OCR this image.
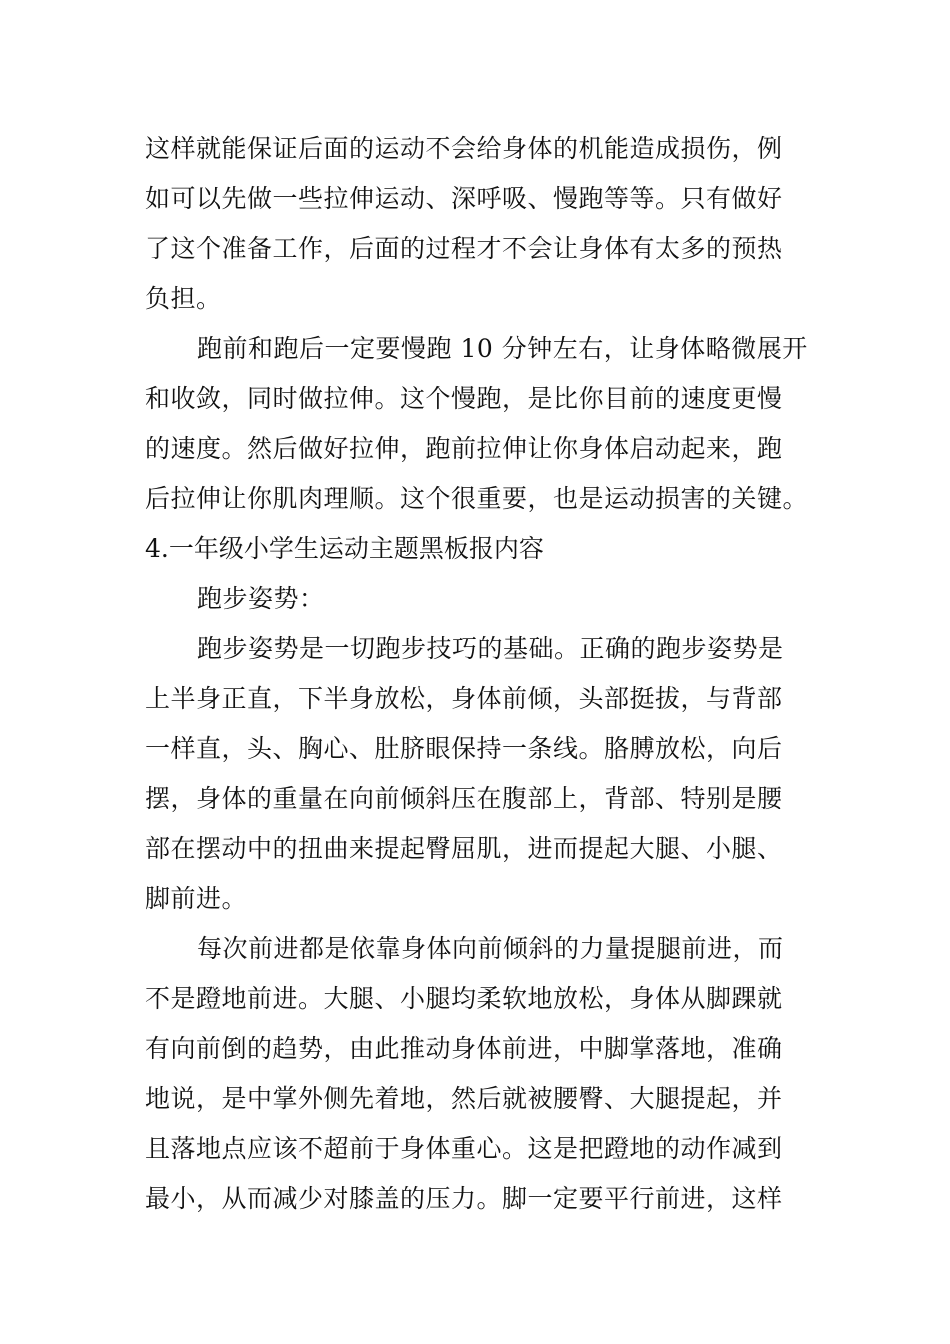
这样就能保证后面的运动不会给身体的机能造成损伤，例
如可以先做一些拉伸运动、深呼吸、慢跑等等。只有做好
了这个准备工作，后面的过程才不会让身体有太多的预热
负担。
跑前和跑后一定要慢跑 10 分钟左右，让身体略微展开
和收敛，同时做拉伸。这个慢跑，是比你目前的速度更慢
的速度。然后做好拉伸，跑前拉伸让你身体启动起来，跑
后拉伸让你肌肉理顺。这个很重要，也是运动损害的关键。
4.一年级小学生运动主题黑板报内容
跑步姿势：
跑步姿势是一切跑步技巧的基础。正确的跑步姿势是
上半身正直，下半身放松，身体前倾，头部挺拔，与背部
一样直，头、胸心、肚脐眼保持一条线。胳膊放松，向后
摆，身体的重量在向前倾斜压在腹部上，背部、特别是腰
部在摆动中的扭曲来提起臀屈肌，进而提起大腿、小腿、
脚前进。
每次前进都是依靠身体向前倾斜的力量提腿前进，而
不是蹬地前进。大腿、小腿均柔软地放松，身体从脚踝就
有向前倒的趋势，由此推动身体前进，中脚掌落地，准确
地说，是中掌外侧先着地，然后就被腰臀、大腿提起，并
且落地点应该不超前于身体重心。这是把蹬地的动作减到
最小，从而减少对膝盖的压力。脚一定要平行前进，这样
